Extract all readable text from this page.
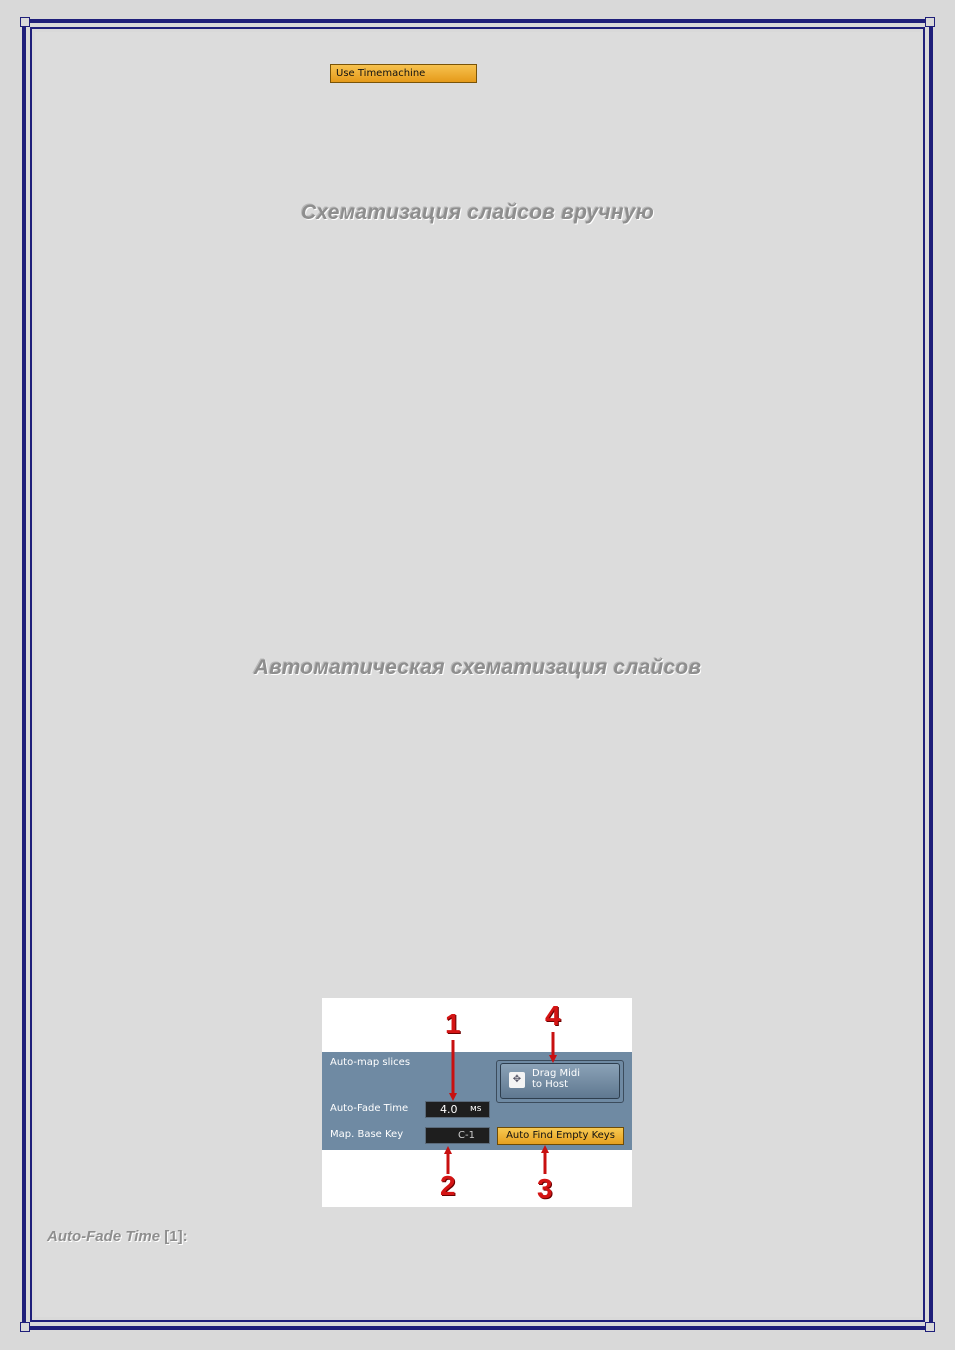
Use Timemachine
Схематизация слайсов вручную
Автоматическая схематизация слайсов
Auto-map slices
Auto-Fade Time	4.0 мs
Map. Base Key	C-1
✥
Drag Midi
to Host
Auto Find Empty Keys
1
2	3
4
Auto-Fade Time [1]:
